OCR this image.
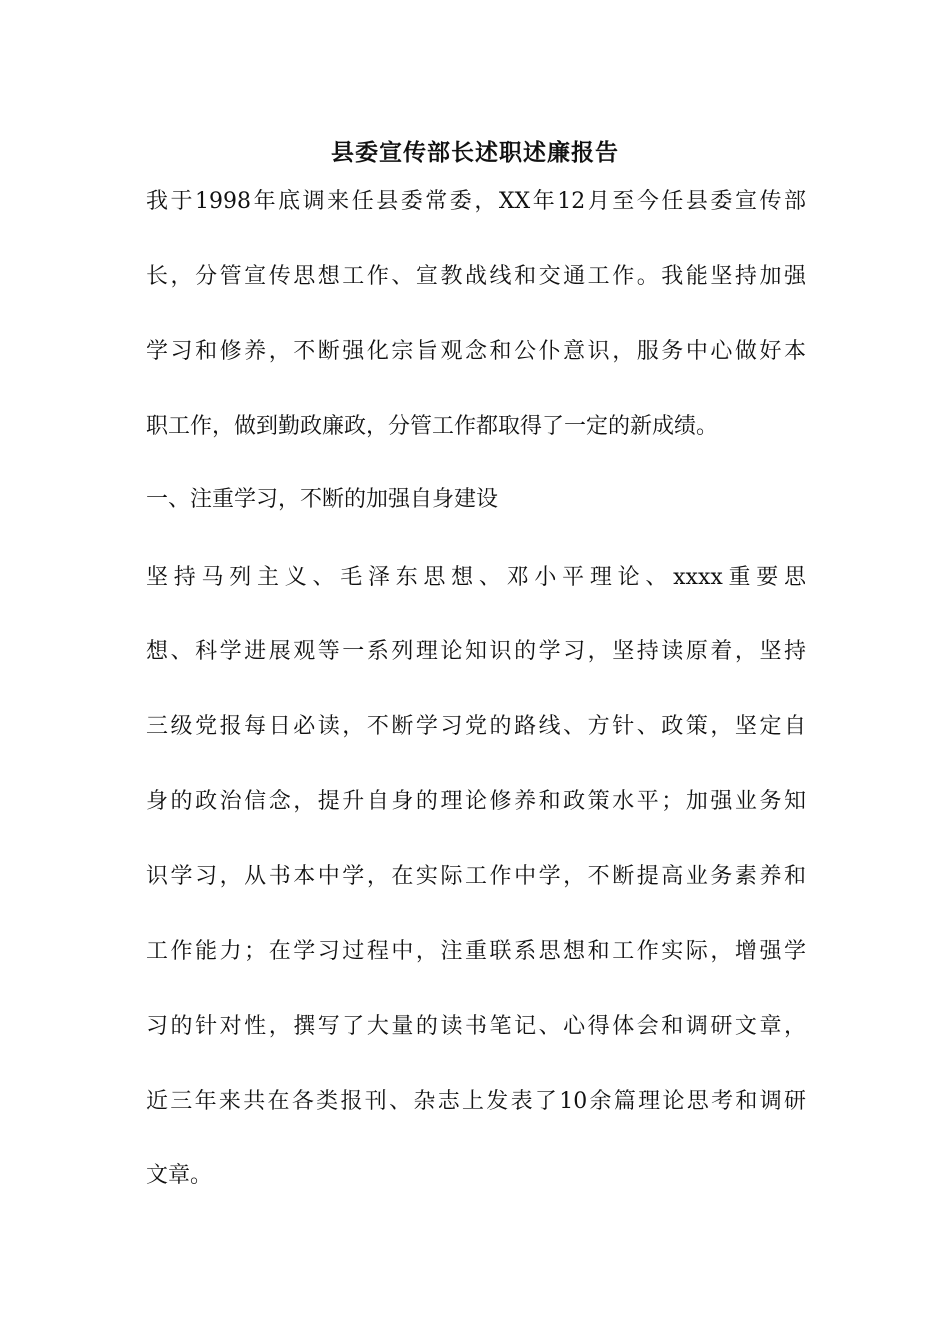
县委宣传部长述职述廉报告
我于1998年底调来任县委常委，XX年12月至今任县委宣传部
长，分管宣传思想工作、宣教战线和交通工作。我能坚持加强
学习和修养，不断强化宗旨观念和公仆意识，服务中心做好本
职工作，做到勤政廉政，分管工作都取得了一定的新成绩。
一、注重学习，不断的加强自身建设
坚持马列主义、毛泽东思想、邓小平理论、xxxx重要思
想、科学进展观等一系列理论知识的学习，坚持读原着，坚持
三级党报每日必读，不断学习党的路线、方针、政策，坚定自
身的政治信念，提升自身的理论修养和政策水平；加强业务知
识学习，从书本中学，在实际工作中学，不断提高业务素养和
工作能力；在学习过程中，注重联系思想和工作实际，增强学
习的针对性，撰写了大量的读书笔记、心得体会和调研文章，
近三年来共在各类报刊、杂志上发表了10余篇理论思考和调研
文章。
